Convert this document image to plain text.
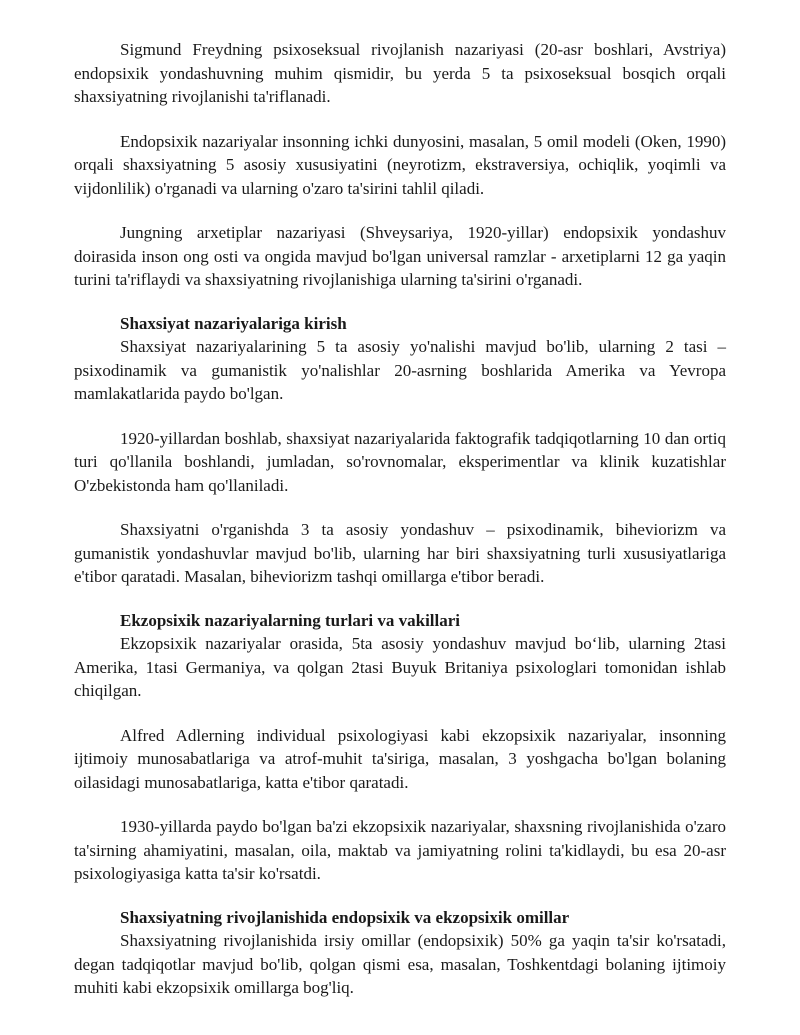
Sigmund Freydning psixoseksual rivojlanish nazariyasi (20-asr boshlari, Avstriya) endopsixik yondashuvning muhim qismidir, bu yerda 5 ta psixoseksual bosqich orqali shaxsiyatning rivojlanishi ta'riflanadi.

Endopsixik nazariyalar insonning ichki dunyosini, masalan, 5 omil modeli (Oken, 1990) orqali shaxsiyatning 5 asosiy xususiyatini (neyrotizm, ekstraversiya, ochiqlik, yoqimli va vijdonlilik) o'rganadi va ularning o'zaro ta'sirini tahlil qiladi.

Jungning arxetiplar nazariyasi (Shveysariya, 1920-yillar) endopsixik yondashuv doirasida inson ong osti va ongida mavjud bo'lgan universal ramzlar - arxetiplarni 12 ga yaqin turini ta'riflaydi va shaxsiyatning rivojlanishiga ularning ta'sirini o'rganadi.

Shaxsiyat nazariyalariga kirish

Shaxsiyat nazariyalarining 5 ta asosiy yo'nalishi mavjud bo'lib, ularning 2 tasi – psixodinamik va gumanistik yo'nalishlar 20-asrning boshlarida Amerika va Yevropa mamlakatlarida paydo bo'lgan.

1920-yillardan boshlab, shaxsiyat nazariyalarida faktografik tadqiqotlarning 10 dan ortiq turi qo'llanila boshlandi, jumladan, so'rovnomalar, eksperimentlar va klinik kuzatishlar O'zbekistonda ham qo'llaniladi.

Shaxsiyatni o'rganishda 3 ta asosiy yondashuv – psixodinamik, biheviorizm va gumanistik yondashuvlar mavjud bo'lib, ularning har biri shaxsiyatning turli xususiyatlariga e'tibor qaratadi. Masalan, biheviorizm tashqi omillarga e'tibor beradi.

Ekzopsixik nazariyalarning turlari va vakillari

Ekzopsixik nazariyalar orasida, 5ta asosiy yondashuv mavjud bo‘lib, ularning 2tasi Amerika, 1tasi Germaniya, va qolgan 2tasi Buyuk Britaniya psixologlari tomonidan ishlab chiqilgan.

Alfred Adlerning individual psixologiyasi kabi ekzopsixik nazariyalar, insonning ijtimoiy munosabatlariga va atrof-muhit ta'siriga, masalan, 3 yoshgacha bo'lgan bolaning oilasidagi munosabatlariga, katta e'tibor qaratadi.

1930-yillarda paydo bo'lgan ba'zi ekzopsixik nazariyalar, shaxsning rivojlanishida o'zaro ta'sirning ahamiyatini, masalan, oila, maktab va jamiyatning rolini ta'kidlaydi, bu esa 20-asr psixologiyasiga katta ta'sir ko'rsatdi.

Shaxsiyatning rivojlanishida endopsixik va ekzopsixik omillar

Shaxsiyatning rivojlanishida irsiy omillar (endopsixik) 50% ga yaqin ta'sir ko'rsatadi, degan tadqiqotlar mavjud bo'lib, qolgan qismi esa, masalan, Toshkentdagi bolaning ijtimoiy muhiti kabi ekzopsixik omillarga bog'liq.
